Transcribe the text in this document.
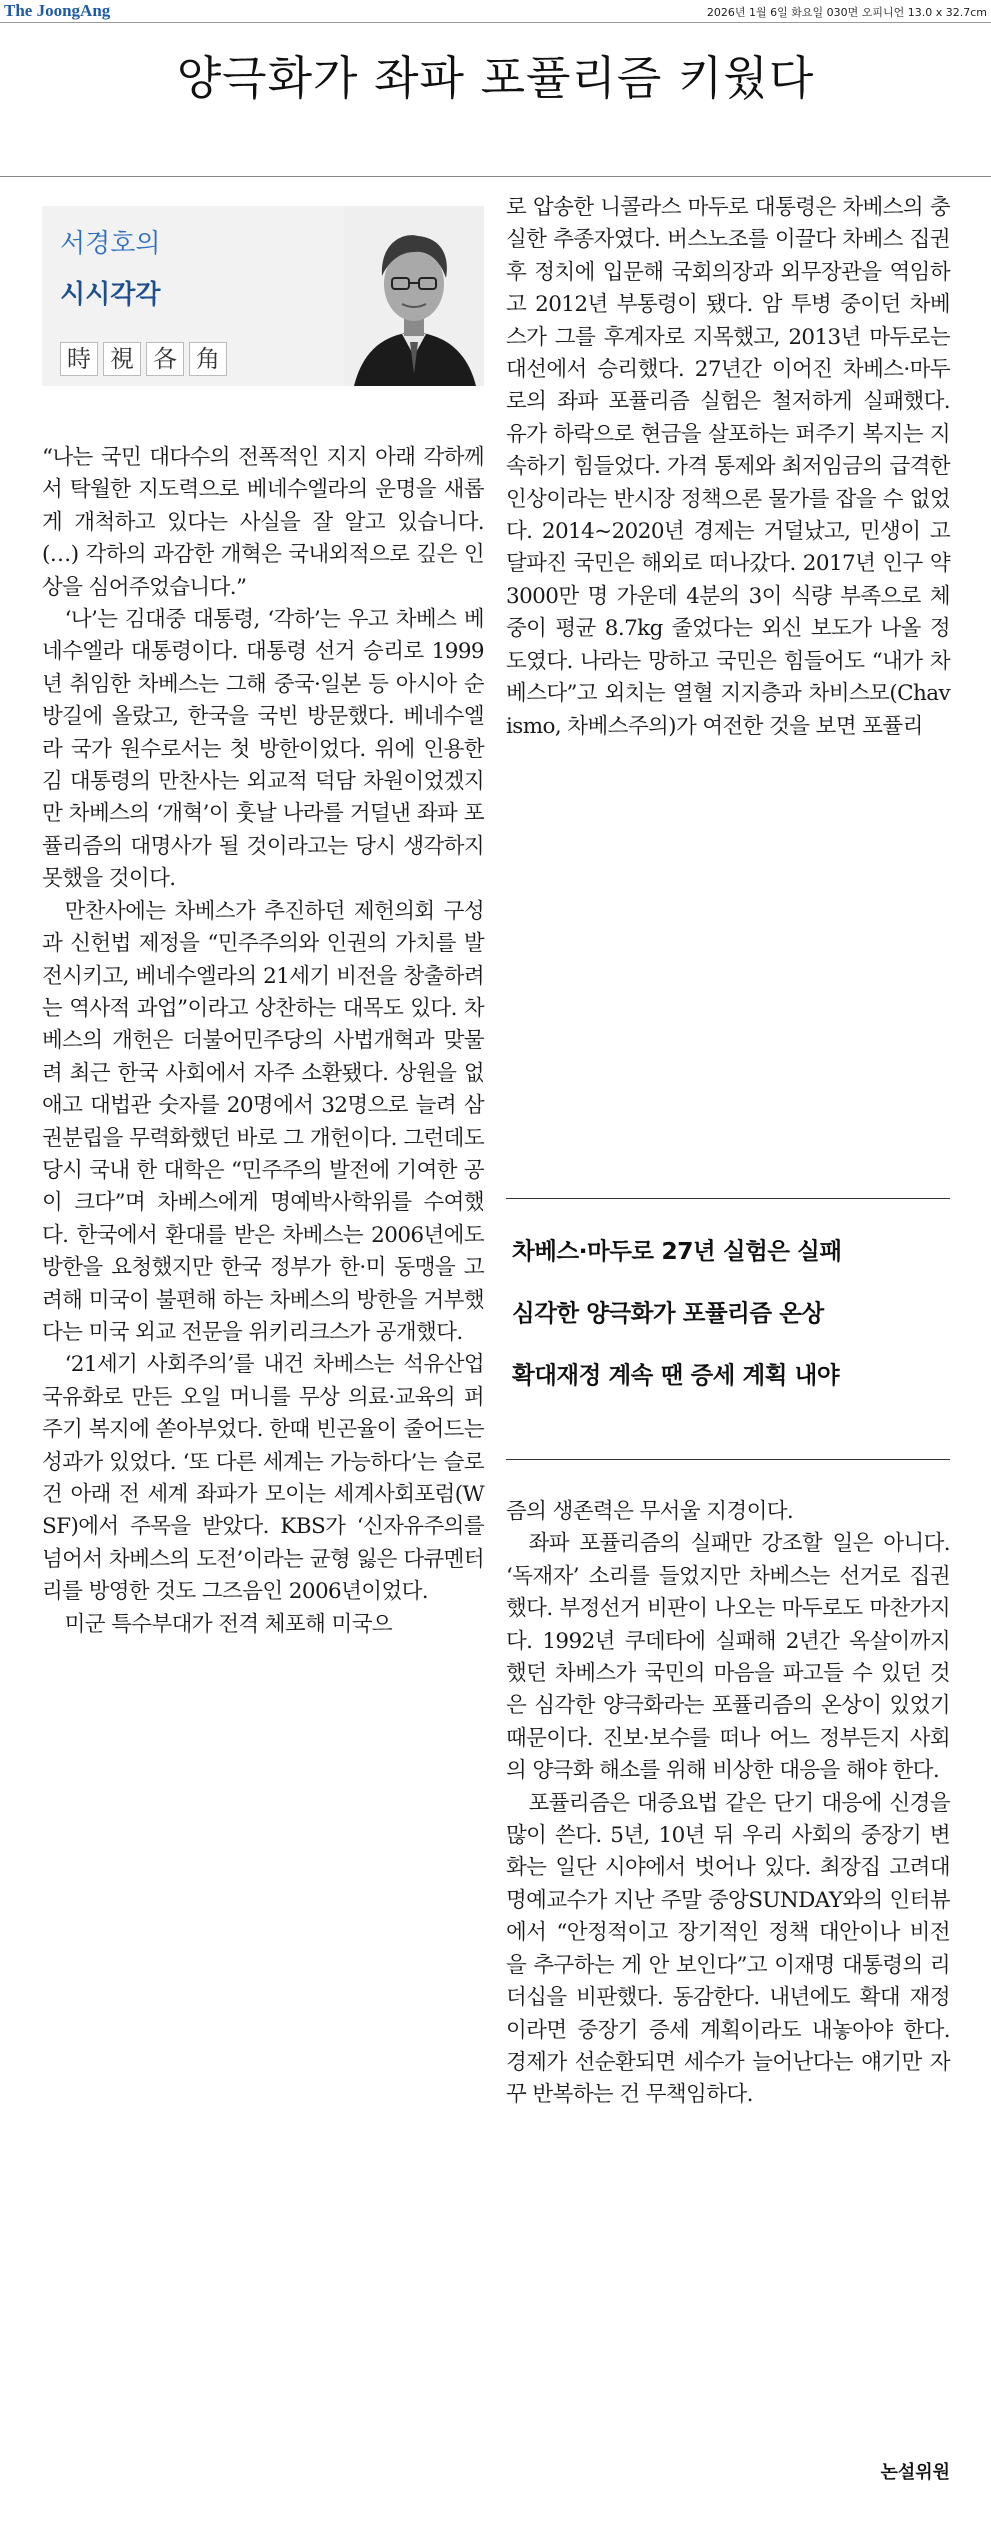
The JoongAng	2026년 1월 6일 화요일 030면 오피니언 13.0 x 32.7cm
양극화가 좌파 포퓰리즘 키웠다
서경호의
시시각각
時 視 各 角

“나는 국민 대다수의 전폭적인 지지 아래 각하께서 탁월한 지도력으로 베네수엘라의 운명을 새롭게 개척하고 있다는 사실을 잘 알고 있습니다. (…) 각하의 과감한 개혁은 국내외적으로 깊은 인상을 심어주었습니다.”

‘나’는 김대중 대통령, ‘각하’는 우고 차베스 베네수엘라 대통령이다. 대통령 선거 승리로 1999년 취임한 차베스는 그해 중국·일본 등 아시아 순방길에 올랐고, 한국을 국빈 방문했다. 베네수엘라 국가 원수로서는 첫 방한이었다. 위에 인용한 김 대통령의 만찬사는 외교적 덕담 차원이었겠지만 차베스의 ‘개혁’이 훗날 나라를 거덜낸 좌파 포퓰리즘의 대명사가 될 것이라고는 당시 생각하지 못했을 것이다.

만찬사에는 차베스가 추진하던 제헌의회 구성과 신헌법 제정을 “민주주의와 인권의 가치를 발전시키고, 베네수엘라의 21세기 비전을 창출하려는 역사적 과업”이라고 상찬하는 대목도 있다. 차베스의 개헌은 더불어민주당의 사법개혁과 맞물려 최근 한국 사회에서 자주 소환됐다. 상원을 없애고 대법관 숫자를 20명에서 32명으로 늘려 삼권분립을 무력화했던 바로 그 개헌이다. 그런데도 당시 국내 한 대학은 “민주주의 발전에 기여한 공이 크다”며 차베스에게 명예박사학위를 수여했다. 한국에서 환대를 받은 차베스는 2006년에도 방한을 요청했지만 한국 정부가 한·미 동맹을 고려해 미국이 불편해 하는 차베스의 방한을 거부했다는 미국 외교 전문을 위키리크스가 공개했다.

‘21세기 사회주의’를 내건 차베스는 석유산업 국유화로 만든 오일 머니를 무상 의료·교육의 퍼주기 복지에 쏟아부었다. 한때 빈곤율이 줄어드는 성과가 있었다. ‘또 다른 세계는 가능하다’는 슬로건 아래 전 세계 좌파가 모이는 세계사회포럼(WSF)에서 주목을 받았다. KBS가 ‘신자유주의를 넘어서 차베스의 도전’이라는 균형 잃은 다큐멘터리를 방영한 것도 그즈음인 2006년이었다.

미군 특수부대가 전격 체포해 미국으

로 압송한 니콜라스 마두로 대통령은 차베스의 충실한 추종자였다. 버스노조를 이끌다 차베스 집권 후 정치에 입문해 국회의장과 외무장관을 역임하고 2012년 부통령이 됐다. 암 투병 중이던 차베스가 그를 후계자로 지목했고, 2013년 마두로는 대선에서 승리했다. 27년간 이어진 차베스·마두로의 좌파 포퓰리즘 실험은 철저하게 실패했다. 유가 하락으로 현금을 살포하는 퍼주기 복지는 지속하기 힘들었다. 가격 통제와 최저임금의 급격한 인상이라는 반시장 정책으론 물가를 잡을 수 없었다. 2014~2020년 경제는 거덜났고, 민생이 고달파진 국민은 해외로 떠나갔다. 2017년 인구 약 3000만 명 가운데 4분의 3이 식량 부족으로 체중이 평균 8.7kg 줄었다는 외신 보도가 나올 정도였다. 나라는 망하고 국민은 힘들어도 “내가 차베스다”고 외치는 열혈 지지층과 차비스모(Chavismo, 차베스주의)가 여전한 것을 보면 포퓰리

차베스·마두로 27년 실험은 실패
심각한 양극화가 포퓰리즘 온상
확대재정 계속 땐 증세 계획 내야

즘의 생존력은 무서울 지경이다.

좌파 포퓰리즘의 실패만 강조할 일은 아니다. ‘독재자’ 소리를 들었지만 차베스는 선거로 집권했다. 부정선거 비판이 나오는 마두로도 마찬가지다. 1992년 쿠데타에 실패해 2년간 옥살이까지 했던 차베스가 국민의 마음을 파고들 수 있던 것은 심각한 양극화라는 포퓰리즘의 온상이 있었기 때문이다. 진보·보수를 떠나 어느 정부든지 사회의 양극화 해소를 위해 비상한 대응을 해야 한다.

포퓰리즘은 대증요법 같은 단기 대응에 신경을 많이 쓴다. 5년, 10년 뒤 우리 사회의 중장기 변화는 일단 시야에서 벗어나 있다. 최장집 고려대 명예교수가 지난 주말 중앙SUNDAY와의 인터뷰에서 “안정적이고 장기적인 정책 대안이나 비전을 추구하는 게 안 보인다”고 이재명 대통령의 리더십을 비판했다. 동감한다. 내년에도 확대 재정이라면 중장기 증세 계획이라도 내놓아야 한다. 경제가 선순환되면 세수가 늘어난다는 얘기만 자꾸 반복하는 건 무책임하다.

논설위원
